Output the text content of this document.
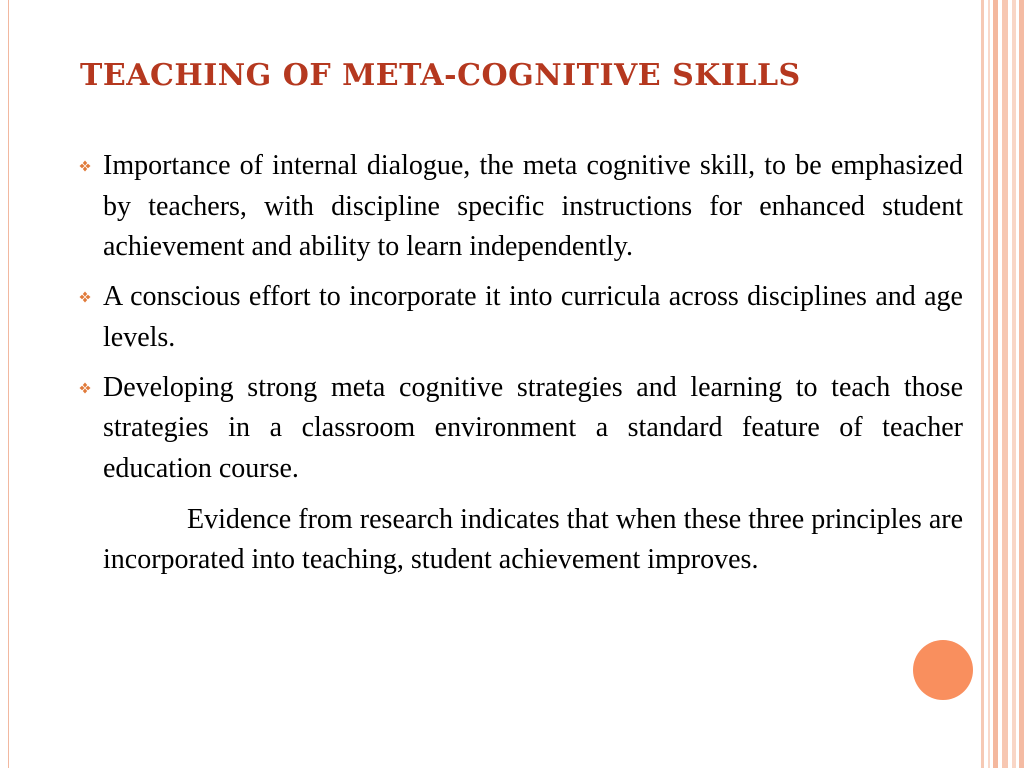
TEACHING OF META-COGNITIVE SKILLS
Importance of internal dialogue, the meta cognitive skill, to be emphasized by teachers, with discipline specific instructions for enhanced student achievement and ability to learn independently.
A conscious effort to incorporate it into curricula across disciplines and age levels.
Developing strong meta cognitive strategies and learning to teach those strategies in a classroom environment a standard feature of teacher education course.
Evidence from research indicates that when these three principles are incorporated into teaching, student achievement improves.
